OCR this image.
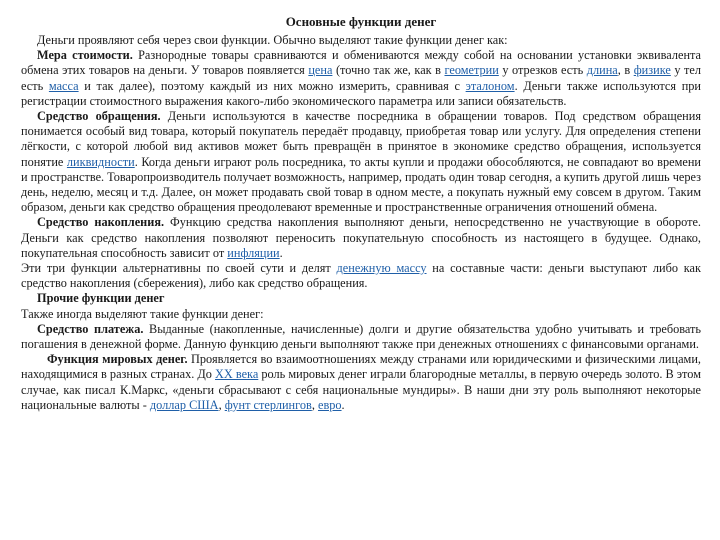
Основные функции денег

Деньги проявляют себя через свои функции. Обычно выделяют такие функции денег как:

Мера стоимости. Разнородные товары сравниваются и обмениваются между собой на основании установки эквивалента обмена этих товаров на деньги. У товаров появляется цена (точно так же, как в геометрии у отрезков есть длина, в физике у тел есть масса и так далее), поэтому каждый из них можно измерить, сравнивая с эталоном. Деньги также используются при регистрации стоимостного выражения какого-либо экономического параметра или записи обязательств.

Средство обращения. Деньги используются в качестве посредника в обращении товаров. Под средством обращения понимается особый вид товара, который покупатель передаёт продавцу, приобретая товар или услугу. Для определения степени лёгкости, с которой любой вид активов может быть превращён в принятое в экономике средство обращения, используется понятие ликвидности. Когда деньги играют роль посредника, то акты купли и продажи обособляются, не совпадают во времени и пространстве. Товаропроизводитель получает возможность, например, продать один товар сегодня, а купить другой лишь через день, неделю, месяц и т.д. Далее, он может продавать свой товар в одном месте, а покупать нужный ему совсем в другом. Таким образом, деньги как средство обращения преодолевают временные и пространственные ограничения отношений обмена.

Средство накопления. Функцию средства накопления выполняют деньги, непосредственно не участвующие в обороте. Деньги как средство накопления позволяют переносить покупательную способность из настоящего в будущее. Однако, покупательная способность зависит от инфляции.

Эти три функции альтернативны по своей сути и делят денежную массу на составные части: деньги выступают либо как средство накопления (сбережения), либо как средство обращения.

Прочие функции денег

Также иногда выделяют такие функции денег:

Средство платежа. Выданные (накопленные, начисленные) долги и другие обязательства удобно учитывать и требовать погашения в денежной форме. Данную функцию деньги выполняют также при денежных отношениях с финансовыми органами.

Функция мировых денег. Проявляется во взаимоотношениях между странами или юридическими и физическими лицами, находящимися в разных странах. До XX века роль мировых денег играли благородные металлы, в первую очередь золото. В этом случае, как писал К.Маркс, «деньги сбрасывают с себя национальные мундиры». В наши дни эту роль выполняют некоторые национальные валюты - доллар США, фунт стерлингов, евро.
